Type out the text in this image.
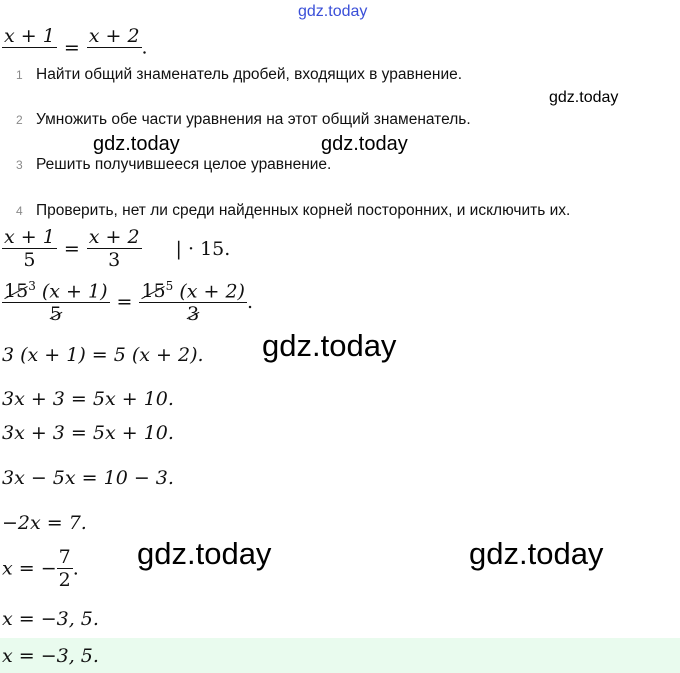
gdz.today
gdz.today
gdz.today	gdz.today
gdz.today
gdz.today	gdz.today
x + 1
=
x + 2
.
1 Найти общий знаменатель дробей, входящих в уравнение.
2 Умножить обе части уравнения на этот общий знаменатель.
3 Решить получившееся целое уравнение.
4 Проверить, нет ли среди найденных корней посторонних, и исключить их.
$\frac{x + 1}{5} = \frac{x + 2}{3}$ | · 15.
$\frac{15^3 (x + 1)}{5} = \frac{15^5 (x + 2)}{3}$ .
3 (x + 1) = 5 (x + 2).
3x + 3 = 5x + 10.
3x + 3 = 5x + 10.
3x − 5x = 10 − 3.
−2x = 7.
x = − $\frac{7}{2}$ .
x = −3, 5.
x = −3, 5.
